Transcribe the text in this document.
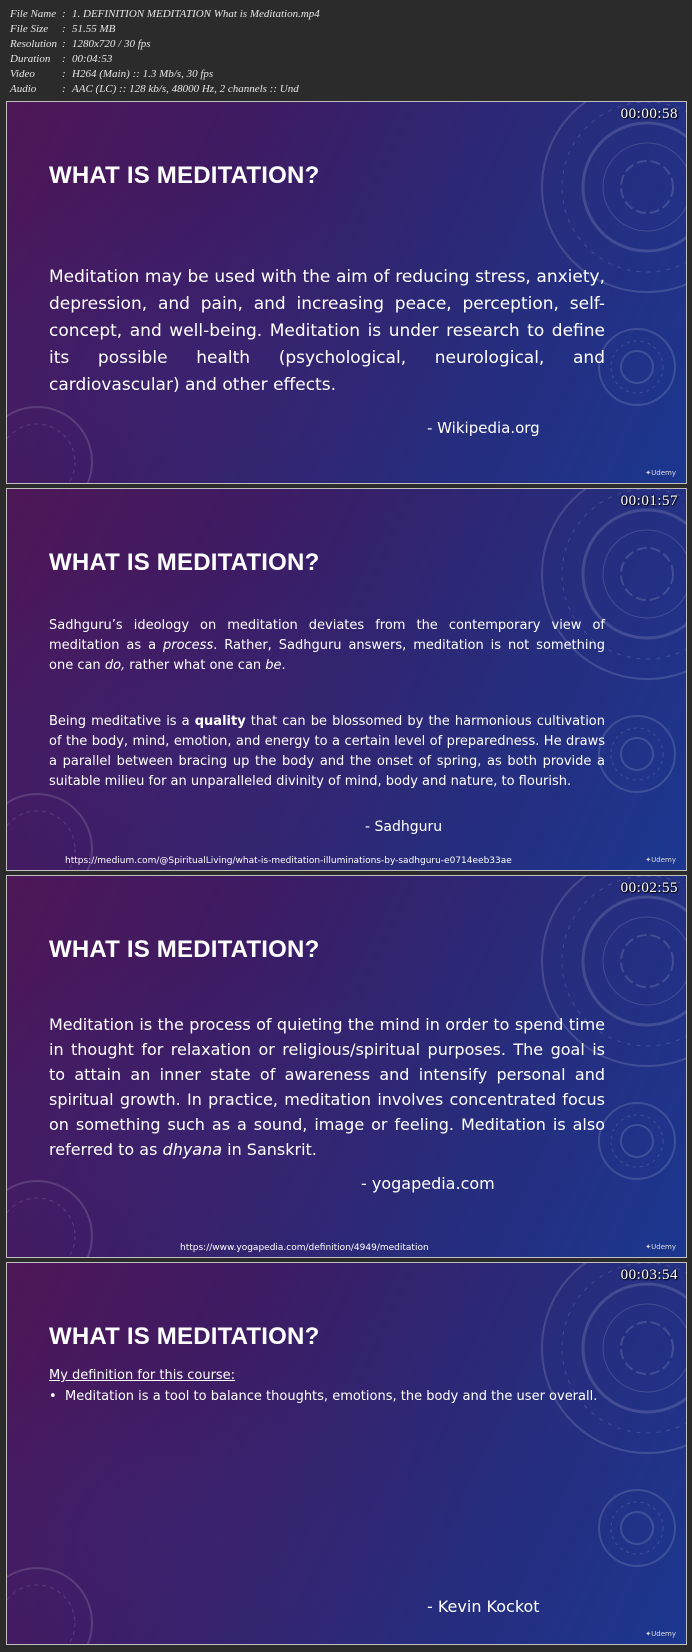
File Name : 1. DEFINITION MEDITATION What is Meditation.mp4
File Size	: 51.55 MB
Resolution : 1280x720 / 30 fps
Duration	: 00:04:53
Video	: H264 (Main) :: 1.3 Mb/s, 30 fps
Audio	: AAC (LC) :: 128 kb/s, 48000 Hz, 2 channels :: Und
00:00:58
WHAT IS MEDITATION?
Meditation may be used with the aim of reducing stress, anxiety, depression, and pain, and increasing peace, perception, self-concept, and well-being. Meditation is under research to define its possible health (psychological, neurological, and cardiovascular) and other effects.
- Wikipedia.org
✦ Udemy
00:01:57
WHAT IS MEDITATION?
Sadhguru’s ideology on meditation deviates from the contemporary view of meditation as a process. Rather, Sadhguru answers, meditation is not something one can do, rather what one can be.
Being meditative is a quality that can be blossomed by the harmonious cultivation of the body, mind, emotion, and energy to a certain level of preparedness. He draws a parallel between bracing up the body and the onset of spring, as both provide a suitable milieu for an unparalleled divinity of mind, body and nature, to flourish.
- Sadhguru
https://medium.com/@SpiritualLiving/what-is-meditation-illuminations-by-sadhguru-e0714eeb33ae	✦ Udemy
00:02:55
WHAT IS MEDITATION?
Meditation is the process of quieting the mind in order to spend time in thought for relaxation or religious/spiritual purposes. The goal is to attain an inner state of awareness and intensify personal and spiritual growth. In practice, meditation involves concentrated focus on something such as a sound, image or feeling. Meditation is also referred to as dhyana in Sanskrit.
- yogapedia.com
https://www.yogapedia.com/definition/4949/meditation	✦ Udemy
00:03:54
WHAT IS MEDITATION?
My definition for this course:
• Meditation is a tool to balance thoughts, emotions, the body and the user overall.
- Kevin Kockot
✦ Udemy
